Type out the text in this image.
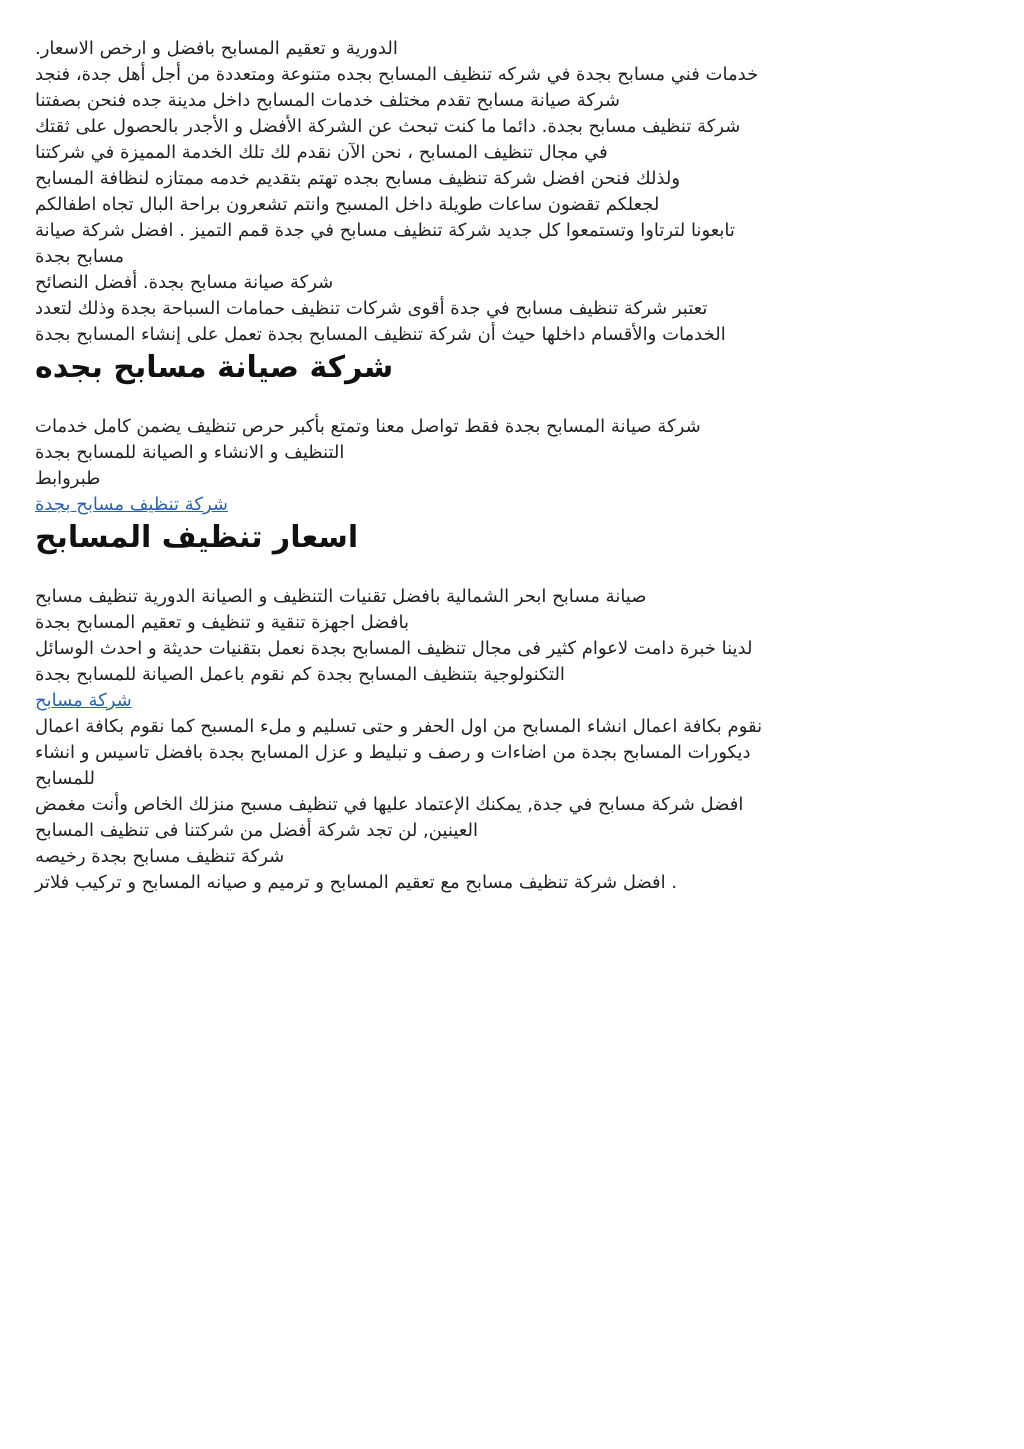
الدورية و تعقيم المسابح بافضل و ارخص الاسعار.

خدمات فني مسابح بجدة في شركه تنظيف المسابح بجده متنوعة ومتعددة من أجل أهل جدة، فنجد
شركة صيانة مسابح تقدم مختلف خدمات المسابح داخل مدينة جده فنحن بصفتنا

شركة تنظيف مسابح بجدة. دائما ما كنت تبحث عن الشركة الأفضل و الأجدر بالحصول على ثقتك
في مجال تنظيف المسابح ، نحن الآن نقدم لك تلك الخدمة المميزة في شركتنا

ولذلك فنحن افضل شركة تنظيف مسابح بجده تهتم بتقديم خدمه ممتازه لنظافة المسابح
لجعلكم تقضون ساعات طويلة داخل المسبح وانتم تشعرون براحة البال تجاه اطفالكم

تابعونا لترتاوا وتستمعوا كل جديد شركة تنظيف مسابح في جدة قمم التميز . افضل شركة صيانة
مسابح بجدة

شركة صيانة مسابح بجدة. أفضل النصائح

تعتبر شركة تنظيف مسابح في جدة أقوى شركات تنظيف حمامات السباحة بجدة وذلك لتعدد
الخدمات والأقسام داخلها حيث أن شركة تنظيف المسابح بجدة تعمل على إنشاء المسابح بجدة

شركة صيانة مسابح بجده

شركة صيانة المسابح بجدة فقط تواصل معنا وتمتع بأكبر حرص تنظيف يضمن كامل خدمات
التنظيف و الانشاء و الصيانة للمسابح بجدة

طبروابط

شركة تنظيف مسابح بجدة

اسعار تنظيف المسابح

صيانة مسابح ابحر الشمالية بافضل تقنيات التنظيف و الصيانة الدورية تنظيف مسابح
بافضل اجهزة تنقية و تنظيف و تعقيم المسابح بجدة

لدينا خبرة دامت لاعوام كثير فى مجال تنظيف المسابح بجدة نعمل بتقنيات حديثة و احدث الوسائل
التكنولوجية بتنظيف المسابح بجدة كم نقوم باعمل الصيانة للمسابح بجدة

شركة مسابح

نقوم بكافة اعمال انشاء المسابح من اول الحفر و حتى تسليم و ملء المسبح كما نقوم بكافة اعمال
ديكورات المسابح بجدة من اضاءات و رصف و تبليط و عزل المسابح بجدة بافضل تاسيس و انشاء
للمسابح

افضل شركة مسابح في جدة, يمكنك الإعتماد عليها في تنظيف مسبح منزلك الخاص وأنت مغمض
العينين, لن تجد شركة أفضل من شركتنا فى تنظيف المسابح

شركة تنظيف مسابح بجدة رخيصه

. افضل شركة تنظيف مسابح مع تعقيم المسابح و ترميم و صيانه المسابح و تركيب فلاتر
